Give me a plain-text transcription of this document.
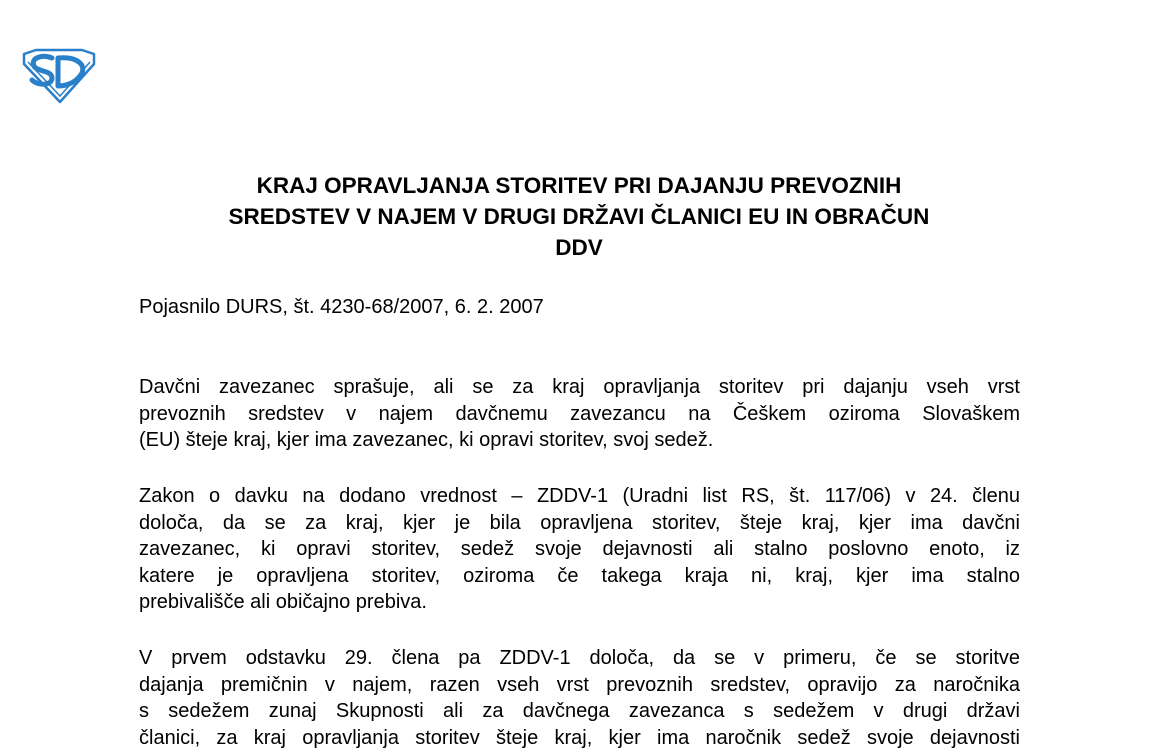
KRAJ OPRAVLJANJA STORITEV PRI DAJANJU PREVOZNIH
SREDSTEV V NAJEM V DRUGI DRŽAVI ČLANICI EU IN OBRAČUN
DDV

Pojasnilo DURS, št. 4230-68/2007, 6. 2. 2007

Davčni zavezanec sprašuje, ali se za kraj opravljanja storitev pri dajanju vseh vrst
prevoznih sredstev v najem davčnemu zavezancu na Češkem oziroma Slovaškem
(EU) šteje kraj, kjer ima zavezanec, ki opravi storitev, svoj sedež.

Zakon o davku na dodano vrednost – ZDDV-1 (Uradni list RS, št. 117/06) v 24. členu
določa, da se za kraj, kjer je bila opravljena storitev, šteje kraj, kjer ima davčni
zavezanec, ki opravi storitev, sedež svoje dejavnosti ali stalno poslovno enoto, iz
katere je opravljena storitev, oziroma če takega kraja ni, kraj, kjer ima stalno
prebivališče ali običajno prebiva.

V prvem odstavku 29. člena pa ZDDV-1 določa, da se v primeru, če se storitve
dajanja premičnin v najem, razen vseh vrst prevoznih sredstev, opravijo za naročnika
s sedežem zunaj Skupnosti ali za davčnega zavezanca s sedežem v drugi državi
članici, za kraj opravljanja storitev šteje kraj, kjer ima naročnik sedež svoje dejavnosti
